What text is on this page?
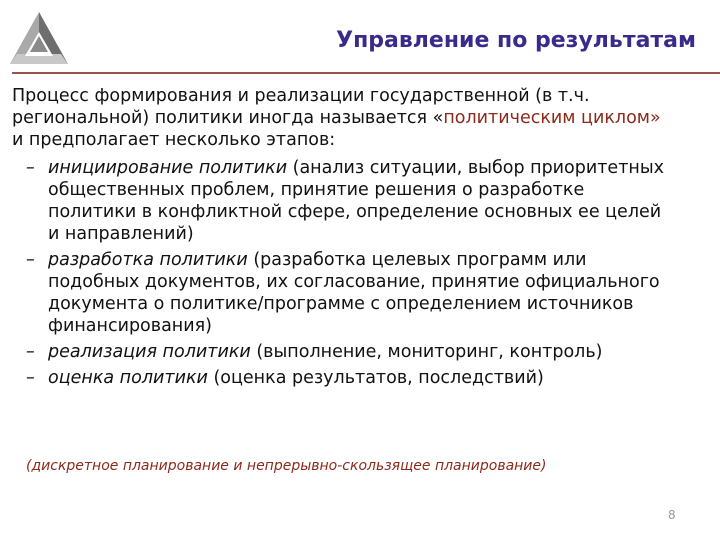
Управление по результатам
Процесс формирования и реализации государственной (в т.ч.
региональной) политики иногда называется «политическим циклом»
и предполагает несколько этапов:
– инициирование политики (анализ ситуации, выбор приоритетных
общественных проблем, принятие решения о разработке
политики в конфликтной сфере, определение основных ее целей
и направлений)
– разработка политики (разработка целевых программ или
подобных документов, их согласование, принятие официального
документа о политике/программе с определением источников
финансирования)
– реализация политики (выполнение, мониторинг, контроль)
– оценка политики (оценка результатов, последствий)
(дискретное планирование и непрерывно-скользящее планирование)
8
